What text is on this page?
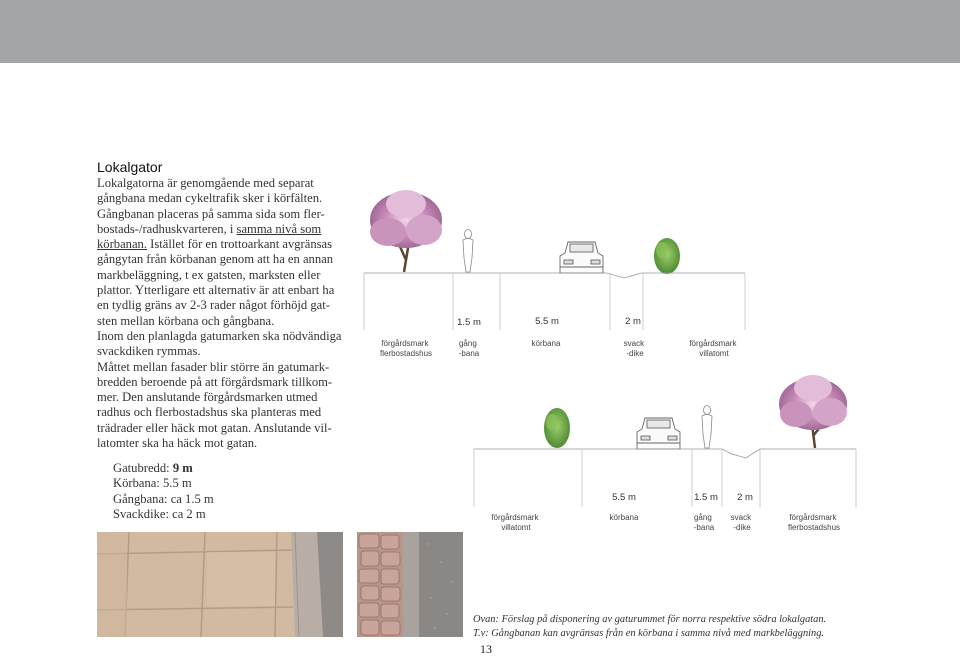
Lokalgator

Lokalgatorna är genomgående med separat

gångbana medan cykeltrafik sker i körfälten.

Gångbanan placeras på samma sida som fler-

bostads-/radhuskvarteren, i samma nivå som

körbanan. Istället för en trottoarkant avgränsas

gångytan från körbanan genom att ha en annan

markbeläggning, t ex gatsten, marksten eller

plattor. Ytterligare ett alternativ är att enbart ha

en tydlig gräns av 2-3 rader något förhöjd gat-

sten mellan körbana och gångbana.

Inom den planlagda gatumarken ska nödvändiga

svackdiken rymmas.

Måttet mellan fasader blir större än gatumark-

bredden beroende på att förgårdsmark tillkom-

mer. Den anslutande förgårdsmarken utmed

radhus och flerbostadshus ska planteras med

trädrader eller häck mot gatan. Anslutande vil-

latomter ska ha häck mot gatan.

Gatubredd: 9 m
Körbana: 5.5 m
Gångbana: ca 1.5 m
Svackdike: ca 2 m
1.5 m	5.5 m	2 m
förgårdsmark flerbostadshus
gång -bana
körbana	svack -dike
förgårdsmark villatomt
5.5 m	1.5 m 2 m
förgårdsmark villatomt
körbana	gång -bana
svack -dike
förgårdsmark flerbostadshus
Ovan: Förslag på disponering av gaturummet för norra respektive södra lokalgatan.
T.v: Gångbanan kan avgränsas från en körbana i samma nivå med markbeläggning.
13
